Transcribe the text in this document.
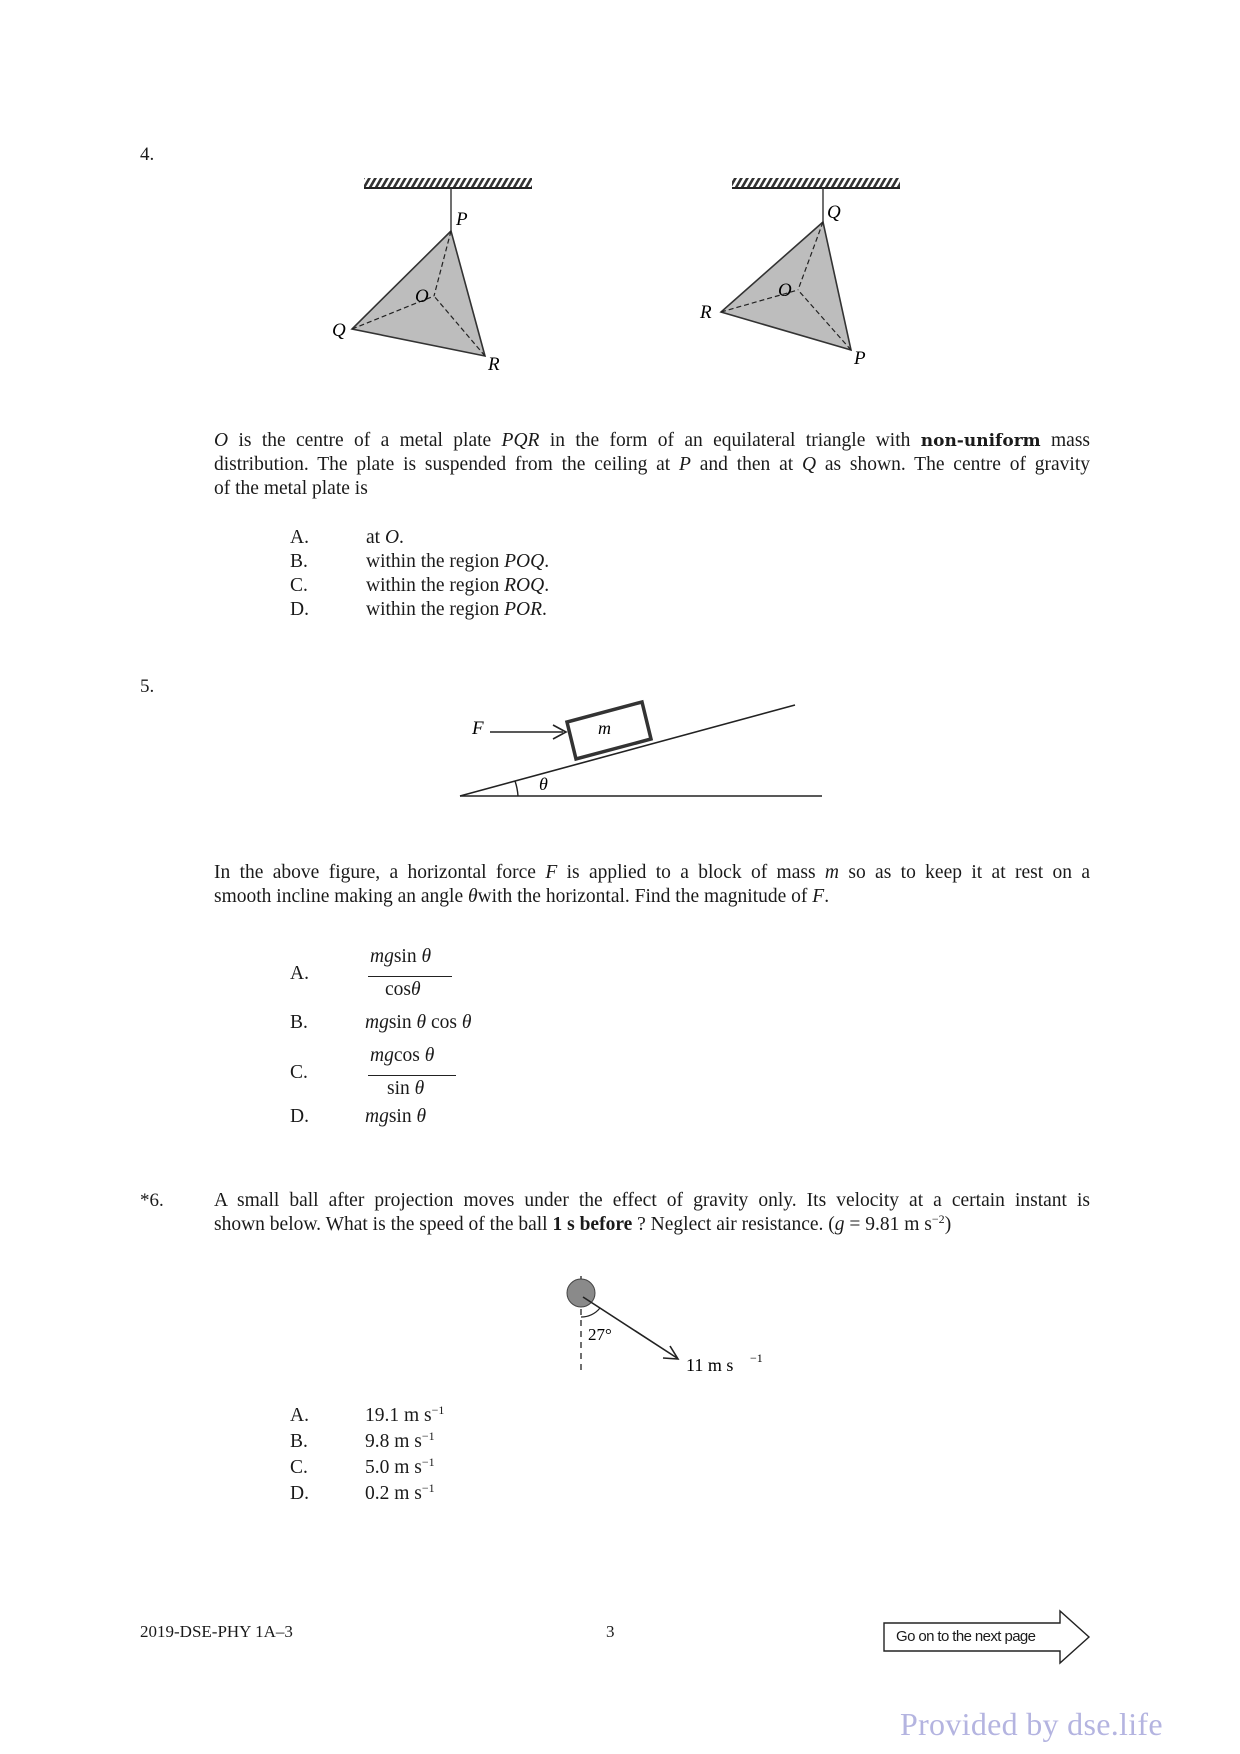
4.
P
O
Q
R
Q
O
R
P
O is the centre of a metal plate PQR in the form of an equilateral triangle with non-uniform mass
distribution. The plate is suspended from the ceiling at P and then at Q as shown. The centre of gravity
of the metal plate is
A.	at O.
B.	within the region POQ.
C.	within the region ROQ.
D.	within the region POR.
5.
F	m
θ
In the above figure, a horizontal force F is applied to a block of mass m so as to keep it at rest on a
smooth incline making an angle θwith the horizontal. Find the magnitude of F.
A.
mgsin θ
cosθ
B.	mgsin θ cos θ
C.
mgcos θ
sin θ
D.	mgsin θ
*6.	A small ball after projection moves under the effect of gravity only. Its velocity at a certain instant is
shown below. What is the speed of the ball 1 s before ? Neglect air resistance. (g = 9.81 m $s^{-2}$)
27°
11 m s −1
A.	19.1 m $s^{-1}$
B.	9.8 m $s^{-1}$
C.	5.0 m $s^{-1}$
D.	0.2 m $s^{-1}$
2019-DSE-PHY 1A–3	3	Go on to the next page
Provided by dse.life
